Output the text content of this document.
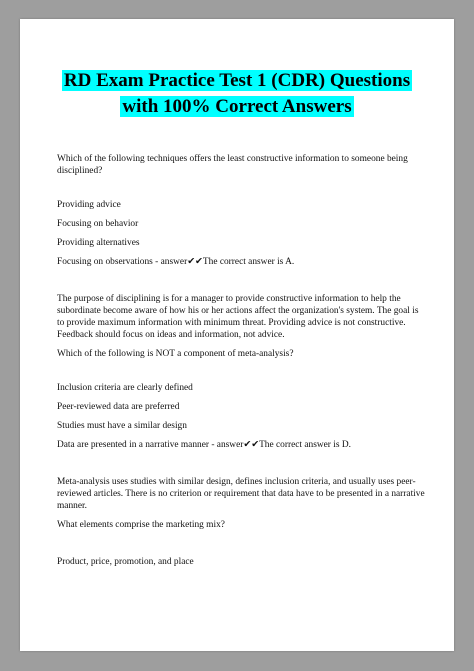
RD Exam Practice Test 1 (CDR) Questions
with 100% Correct Answers
Which of the following techniques offers the least constructive information to someone being disciplined?
Providing advice
Focusing on behavior
Providing alternatives
Focusing on observations - answer✔✔The correct answer is A.
The purpose of disciplining is for a manager to provide constructive information to help the subordinate become aware of how his or her actions affect the organization's system. The goal is to provide maximum information with minimum threat. Providing advice is not constructive. Feedback should focus on ideas and information, not advice.
Which of the following is NOT a component of meta-analysis?
Inclusion criteria are clearly defined
Peer-reviewed data are preferred
Studies must have a similar design
Data are presented in a narrative manner - answer✔✔The correct answer is D.
Meta-analysis uses studies with similar design, defines inclusion criteria, and usually uses peer-reviewed articles. There is no criterion or requirement that data have to be presented in a narrative manner.
What elements comprise the marketing mix?
Product, price, promotion, and place
